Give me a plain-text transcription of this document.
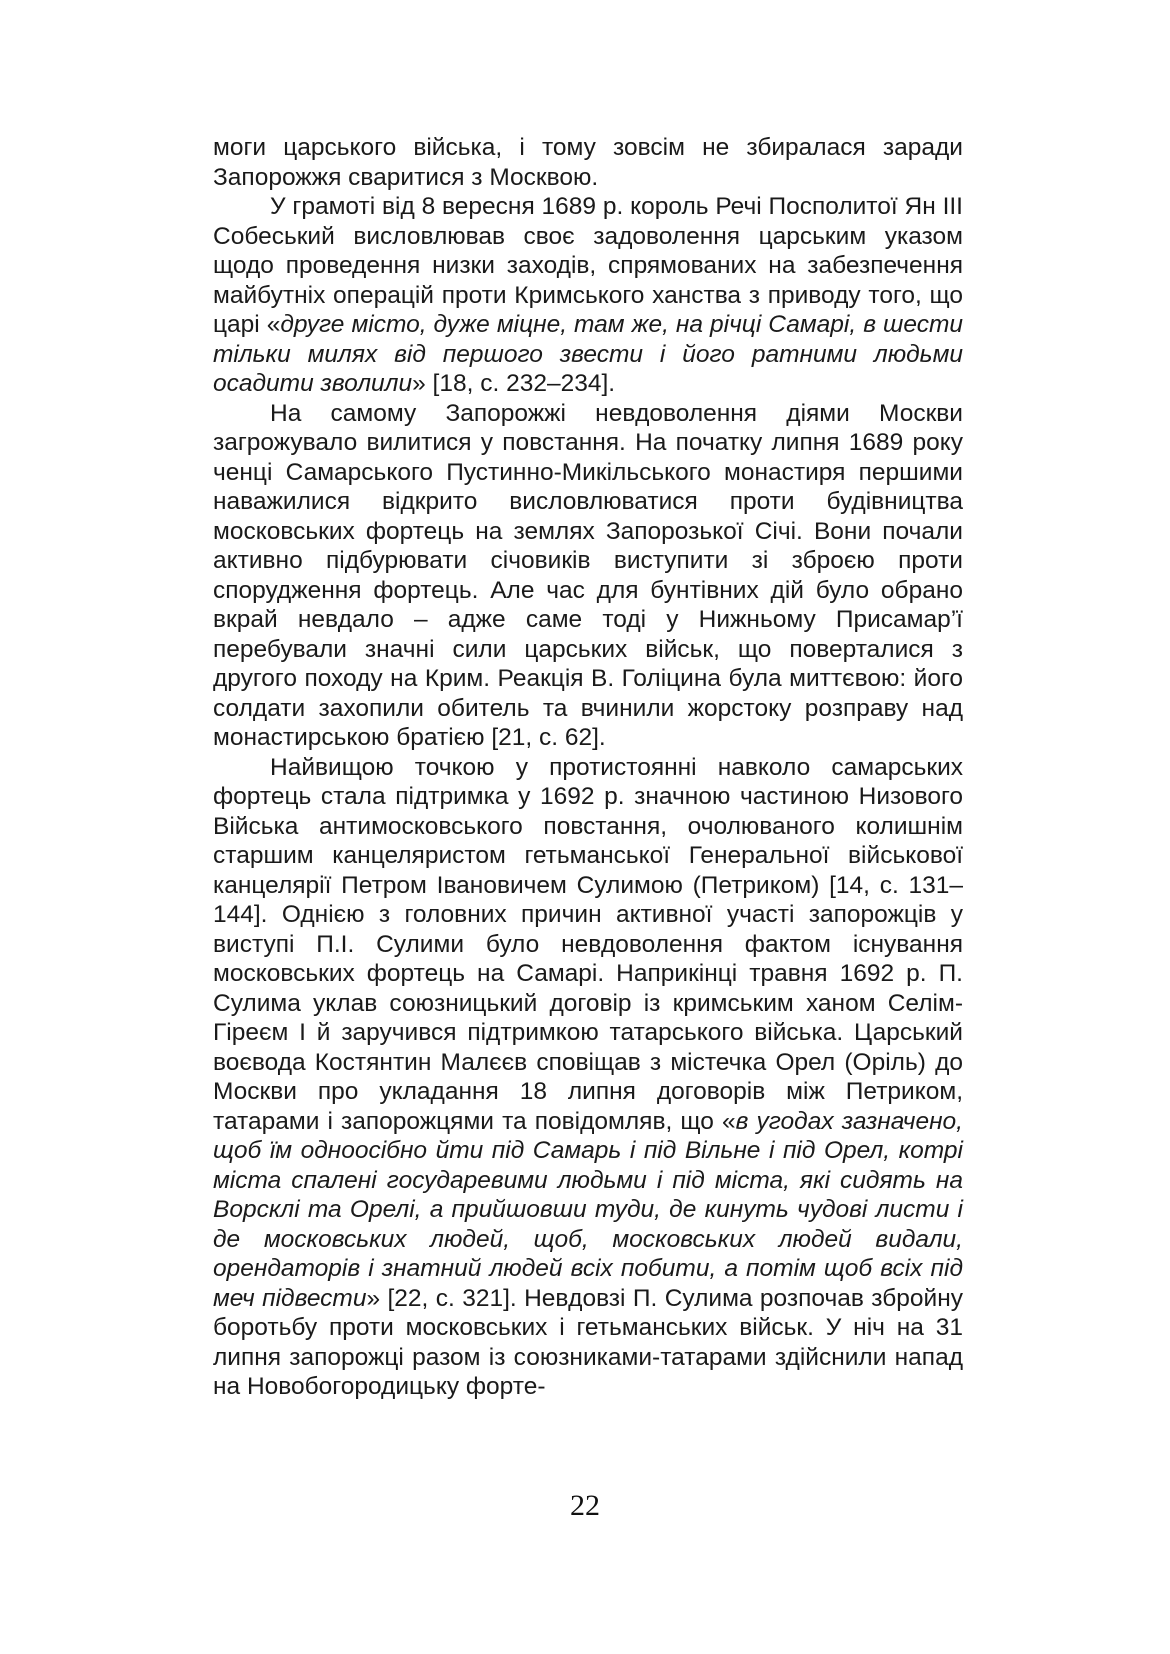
моги царського війська, і тому зовсім не збиралася заради Запорожжя сваритися з Москвою.

У грамоті від 8 вересня 1689 р. король Речі Посполитої Ян III Собеський висловлював своє задоволення царським указом щодо проведення низки заходів, спрямованих на забезпечення майбутніх операцій проти Кримського ханства з приводу того, що царі «друге місто, дуже міцне, там же, на річці Самарі, в шести тільки милях від першого звести і його ратними людьми осадити зволили» [18, с. 232–234].

На самому Запорожжі невдоволення діями Москви загрожувало вилитися у повстання. На початку липня 1689 року ченці Самарського Пустинно-Микільського монастиря першими наважилися відкрито висловлюватися проти будівництва московських фортець на землях Запорозької Січі. Вони почали активно підбурювати січовиків виступити зі зброєю проти спорудження фортець. Але час для бунтівних дій було обрано вкрай невдало – адже саме тоді у Нижньому Присамар’ї перебували значні сили царських військ, що поверталися з другого походу на Крим. Реакція В. Голіцина була миттєвою: його солдати захопили обитель та вчинили жорстоку розправу над монастирською братією [21, с. 62].

Найвищою точкою у протистоянні навколо самарських фортець стала підтримка у 1692 р. значною частиною Низового Війська антимосковського повстання, очолюваного колишнім старшим канцеляристом гетьманської Генеральної військової канцелярії Петром Івановичем Сулимою (Петриком) [14, с. 131–144]. Однією з головних причин активної участі запорожців у виступі П.І. Сулими було невдоволення фактом існування московських фортець на Самарі. Наприкінці травня 1692 р. П. Сулима уклав союзницький договір із кримським ханом Селім-Гіреєм I й заручився підтримкою татарського війська. Царський воєвода Костянтин Малєєв сповіщав з містечка Орел (Оріль) до Москви про укладання 18 липня договорів між Петриком, татарами і запорожцями та повідомляв, що «в угодах зазначено, щоб їм одноосібно йти під Самарь і під Вільне і під Орел, котрі міста спалені государевими людьми і під міста, які сидять на Ворсклі та Орелі, а прийшовши туди, де кинуть чудові листи і де московських людей, щоб, московських людей видали, орендаторів і знатний людей всіх побити, а потім щоб всіх під меч підвести» [22, с. 321]. Невдовзі П. Сулима розпочав збройну боротьбу проти московських і гетьманських військ. У ніч на 31 липня запорожці разом із союзниками-татарами здійснили напад на Новобогородицьку форте-

22
